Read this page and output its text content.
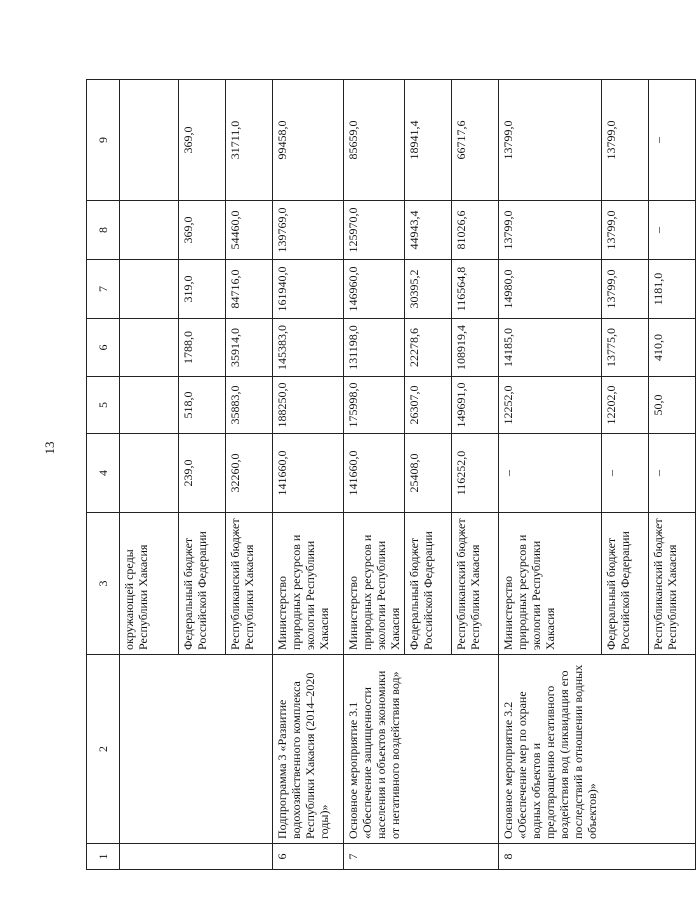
13
1	2	3	4	5	6	7	8	9
		окружающей среды Республики Хакасия						
		Федеральный бюджет Российской Федерации	239,0	518,0	1788,0	319,0	369,0	369,0
		Республиканский бюджет Республики Хакасия	32260,0	35883,0	35914,0	84716,0	54460,0	31711,0
6	Подпрограмма 3 «Развитие водохозяйственного комплекса Республики Хакасия (2014–2020 годы)»	Министерство природных ресурсов и экологии Республики Хакасия	141660,0	188250,0	145383,0	161940,0	139769,0	99458,0
7	Основное мероприятие 3.1 «Обеспечение защищенности населения и объектов экономики от негативного воздействия вод»	Министерство природных ресурсов и экологии Республики Хакасия	141660,0	175998,0	131198,0	146960,0	125970,0	85659,0
		Федеральный бюджет Российской Федерации	25408,0	26307,0	22278,6	30395,2	44943,4	18941,4
		Республиканский бюджет Республики Хакасия	116252,0	149691,0	108919,4	116564,8	81026,6	66717,6
8	Основное мероприятие 3.2 «Обеспечение мер по охране водных объектов и предотвращению негативного воздействия вод (ликвидация его последствий в отношении водных объектов)»	Министерство природных ресурсов и экологии Республики Хакасия	–	12252,0	14185,0	14980,0	13799,0	13799,0
		Федеральный бюджет Российской Федерации	–	12202,0	13775,0	13799,0	13799,0	13799,0
		Республиканский бюджет Республики Хакасия	–	50,0	410,0	1181,0	–	–
